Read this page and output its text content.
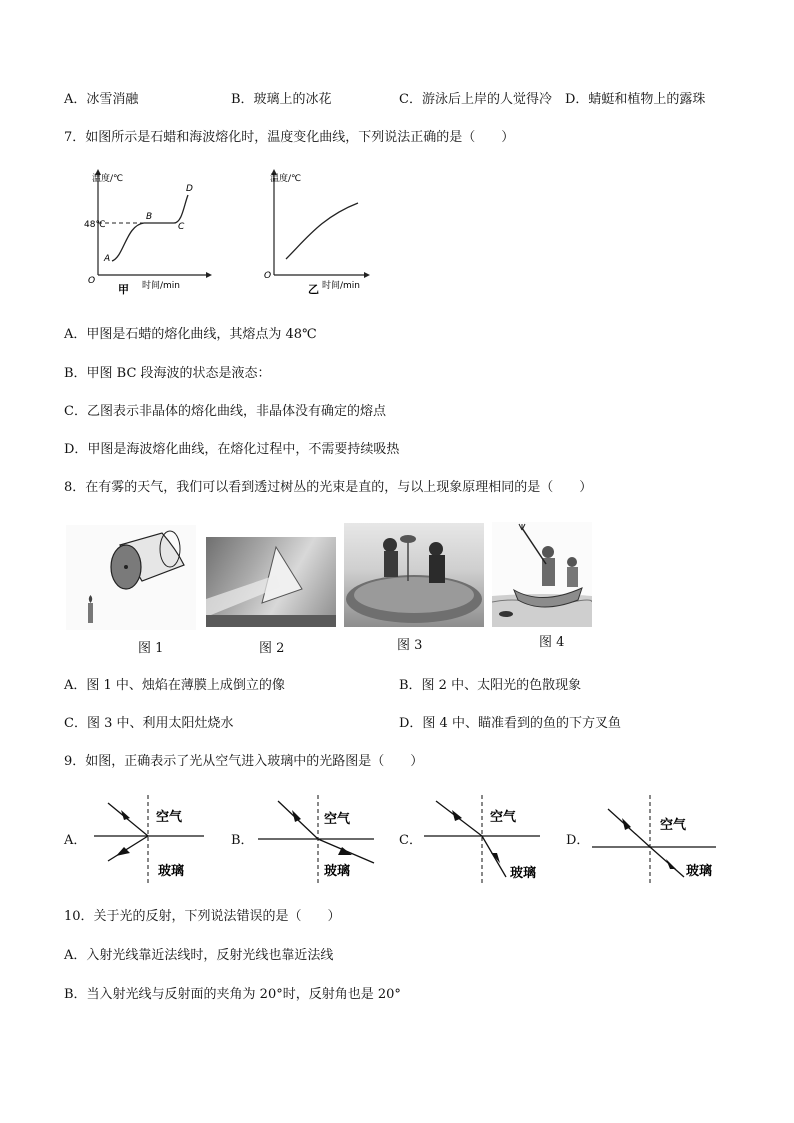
A．冰雪消融	B．玻璃上的冰花	C．游泳后上岸的人觉得冷 D．蜻蜓和植物上的露珠
7．如图所示是石蜡和海波熔化时，温度变化曲线，下列说法正确的是（　　）
温度/℃
时间/min
甲
48℃
O
A
B
C
D
温度/℃
时间/min
乙
O
A．甲图是石蜡的熔化曲线，其熔点为 48℃
B．甲图 BC 段海波的状态是液态：
C．乙图表示非晶体的熔化曲线，非晶体没有确定的熔点
D．甲图是海波熔化曲线，在熔化过程中，不需要持续吸热
8．在有雾的天气，我们可以看到透过树丛的光束是直的，与以上现象原理相同的是（　　）
图 1	图 2	图 3	图 4
A．图 1 中、烛焰在薄膜上成倒立的像	B．图 2 中、太阳光的色散现象
C．图 3 中、利用太阳灶烧水	D．图 4 中、瞄准看到的鱼的下方叉鱼
9．如图，正确表示了光从空气进入玻璃中的光路图是（　　）
A．	B．	C．	D．
空气
玻璃
空气
玻璃
空气
玻璃
空气
玻璃
10．关于光的反射，下列说法错误的是（　　）
A．入射光线靠近法线时，反射光线也靠近法线
B．当入射光线与反射面的夹角为 20°时，反射角也是 20°
